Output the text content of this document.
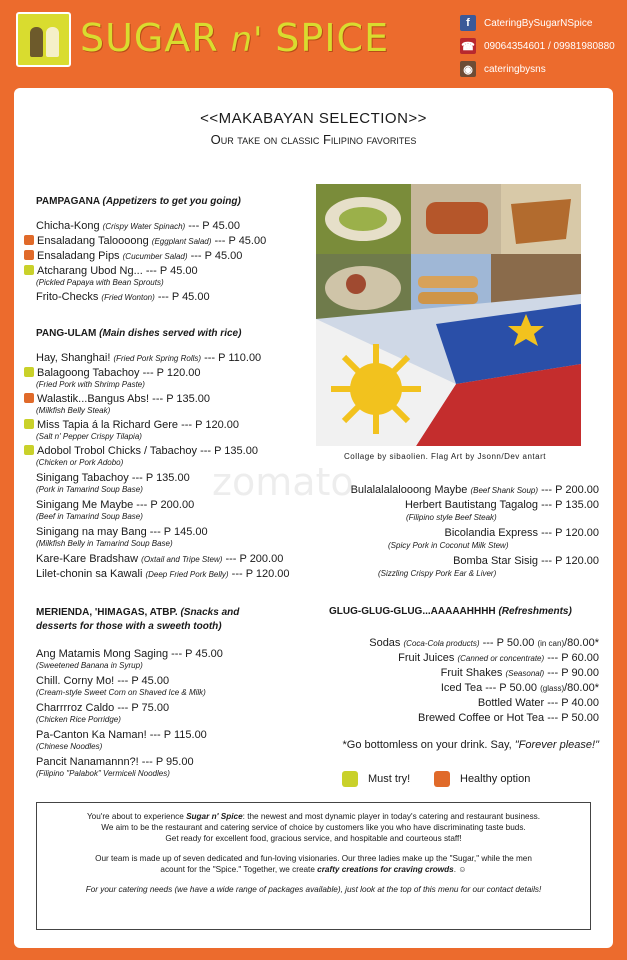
SUGAR n' SPICE	f	CateringBySugarNSpice
☎ 09064354601 / 09981980880
◉	cateringbysns
<<MAKABAYAN SELECTION>>
Our take on classic Filipino favorites
PAMPAGANA (Appetizers to get you going)
Chicha-Kong (Crispy Water Spinach) --- P 45.00
Ensaladang Taloooong (Eggplant Salad) --- P 45.00
Ensaladang Pips (Cucumber Salad) --- P 45.00
Atcharang Ubod Ng... --- P 45.00
(Pickled Papaya with Bean Sprouts)
Frito-Checks (Fried Wonton) --- P 45.00
PANG-ULAM (Main dishes served with rice)
Hay, Shanghai! (Fried Pork Spring Rolls) --- P 110.00
Balagoong Tabachoy --- P 120.00
(Fried Pork with Shrimp Paste)
Walastik...Bangus Abs! --- P 135.00
(Milkfish Belly Steak)
Miss Tapia á la Richard Gere --- P 120.00
(Salt n' Pepper Crispy Tilapia)
Adobol Trobol Chicks / Tabachoy --- P 135.00
(Chicken or Pork Adobo)
Sinigang Tabachoy --- P 135.00
(Pork in Tamarind Soup Base)
Sinigang Me Maybe --- P 200.00
(Beef in Tamarind Soup Base)
Sinigang na may Bang --- P 145.00
(Milkfish Belly in Tamarind Soup Base)
Kare-Kare Bradshaw (Oxtail and Tripe Stew) --- P 200.00
Lilet-chonin sa Kawali (Deep Fried Pork Belly) --- P 120.00
Collage by sibaolien. Flag Art by Jsonn/Dev antart
zomato
Bulalalalalooong Maybe (Beef Shank Soup) --- P 200.00
Herbert Bautistang Tagalog --- P 135.00
(Filipino style Beef Steak)
Bicolandia Express --- P 120.00
(Spicy Pork in Coconut Milk Stew)
Bomba Star Sisig --- P 120.00
(Sizzling Crispy Pork Ear & Liver)
MERIENDA, 'HIMAGAS, ATBP. (Snacks and
desserts for those with a sweeth tooth)
Ang Matamis Mong Saging --- P 45.00
(Sweetened Banana in Syrup)
Chill. Corny Mo! --- P 45.00
(Cream-style Sweet Corn on Shaved Ice & Milk)
Charrrroz Caldo --- P 75.00
(Chicken Rice Porridge)
Pa-Canton Ka Naman! --- P 115.00
(Chinese Noodles)
Pancit Nanamannn?! --- P 95.00
(Filipino "Palabok" Vermiceli Noodles)
GLUG-GLUG-GLUG...AAAAAHHHH (Refreshments)
Sodas (Coca-Cola products) --- P 50.00 (in can)/80.00*
Fruit Juices (Canned or concentrate) --- P 60.00
Fruit Shakes (Seasonal) --- P 90.00
Iced Tea --- P 50.00 (glass)/80.00*
Bottled Water --- P 40.00
Brewed Coffee or Hot Tea --- P 50.00
*Go bottomless on your drink. Say, "Forever please!"
Must try!	Healthy option

You're about to experience Sugar n' Spice: the newest and most dynamic player in today's catering and restaurant business.
We aim to be the restaurant and catering service of choice by customers like you who have discriminating taste buds.
Get ready for excellent food, gracious service, and hospitable and courteous staff!

Our team is made up of seven dedicated and fun-loving visionaries. Our three ladies make up the "Sugar," while the men
acount for the "Spice." Together, we create crafty creations for craving crowds. ☺

For your catering needs (we have a wide range of packages available), just look at the top of this menu for our contact details!
